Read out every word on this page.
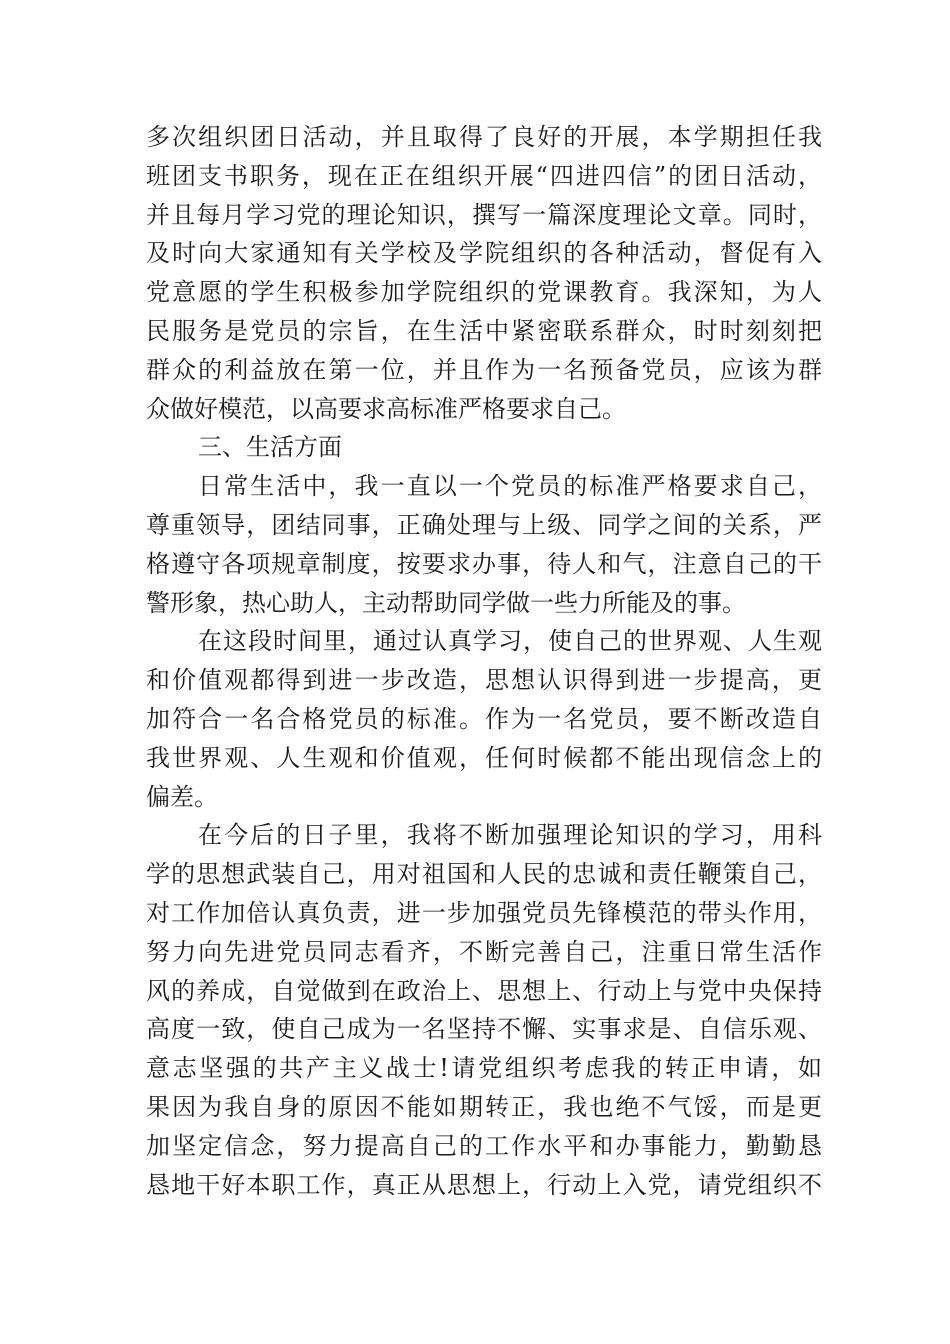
多次组织团日活动，并且取得了良好的开展，本学期担任我
班团支书职务，现在正在组织开展“四进四信”的团日活动，
并且每月学习党的理论知识，撰写一篇深度理论文章。同时，
及时向大家通知有关学校及学院组织的各种活动，督促有入
党意愿的学生积极参加学院组织的党课教育。我深知，为人
民服务是党员的宗旨，在生活中紧密联系群众，时时刻刻把
群众的利益放在第一位，并且作为一名预备党员，应该为群
众做好模范，以高要求高标准严格要求自己。
三、生活方面
日常生活中，我一直以一个党员的标准严格要求自己，
尊重领导，团结同事，正确处理与上级、同学之间的关系，严
格遵守各项规章制度，按要求办事，待人和气，注意自己的干
警形象，热心助人，主动帮助同学做一些力所能及的事。
在这段时间里，通过认真学习，使自己的世界观、人生观
和价值观都得到进一步改造，思想认识得到进一步提高，更
加符合一名合格党员的标准。作为一名党员，要不断改造自
我世界观、人生观和价值观，任何时候都不能出现信念上的
偏差。
在今后的日子里，我将不断加强理论知识的学习，用科
学的思想武装自己，用对祖国和人民的忠诚和责任鞭策自己，
对工作加倍认真负责，进一步加强党员先锋模范的带头作用，
努力向先进党员同志看齐，不断完善自己，注重日常生活作
风的养成，自觉做到在政治上、思想上、行动上与党中央保持
高度一致，使自己成为一名坚持不懈、实事求是、自信乐观、
意志坚强的共产主义战士!请党组织考虑我的转正申请，如
果因为我自身的原因不能如期转正，我也绝不气馁，而是更
加坚定信念，努力提高自己的工作水平和办事能力，勤勤恳
恳地干好本职工作，真正从思想上，行动上入党，请党组织不
